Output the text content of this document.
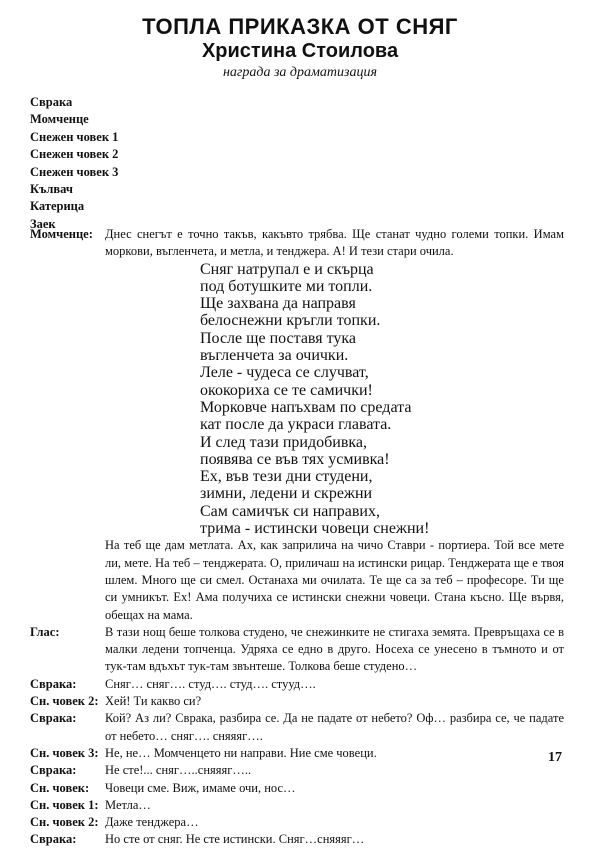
ТОПЛА ПРИКАЗКА ОТ СНЯГ
Христина Стоилова
награда за драматизация
Сврака
Момченце
Снежен човек 1
Снежен човек 2
Снежен човек 3
Кълвач
Катерица
Заек
Момченце: Днес снегът е точно такъв, какъвто трябва. Ще станат чудно големи топки. Имам моркови, въгленчета, и метла, и тенджера. А! И тези стари очила.
Сняг натрупал е и скърца
под ботушките ми топли.
Ще захвана да направя
белоснежни кръгли топки.
После ще поставя тука
въгленчета за очички.
Леле - чудеса се случват,
ококорихa се те самички!
Морковче напъхвам по средата
кат после да украси главата.
И след тази придобивка,
появява се във тях усмивка!
Ех, във тези дни студени,
зимни, ледени и скрежни
Сам самичък си направих,
трима - истински човеци снежни!
На теб ще дам метлата. Ах, как заприлича на чичо Ставри - портиера. Той все мете ли, мете. На теб – тенджерата. О, приличаш на истински рицар. Тенджерата ще е твоя шлем. Много ще си смел. Останаха ми очилата. Те ще са за теб – професоре. Ти ще си умникът. Ех! Ама получиха се истински снежни човеци. Стана късно. Ще вървя, обещах на мама.
Глас:	В тази нощ беше толкова студено, че снежинките не стигаха земята. Превръщаха се в малки ледени топченца. Удряха се едно в друго. Носеха се унесено в тъмното и от тук-там вдъхът тук-там звънтеше. Толкова беше студено…
Сврака: Сняг… сняг…. студ…. студ…. стууд….
Сн. човек 2: Хей! Ти какво си?
Сврака: Кой? Аз ли? Сврака, разбира се. Да не падате от небето? Оф… разбира се, че падате от небето… сняг…. сняяяг….
Сн. човек 3: Не, не… Момченцето ни направи. Ние сме човеци.
Сврака: Не сте!... сняг…..сняяяг…..
Сн. човек: Човеци сме. Виж, имаме очи, нос…
Сн. човек 1: Метла…
Сн. човек 2: Даже тенджера…
Сврака: Но сте от сняг. Не сте истински. Сняг…сняяяг…
17
